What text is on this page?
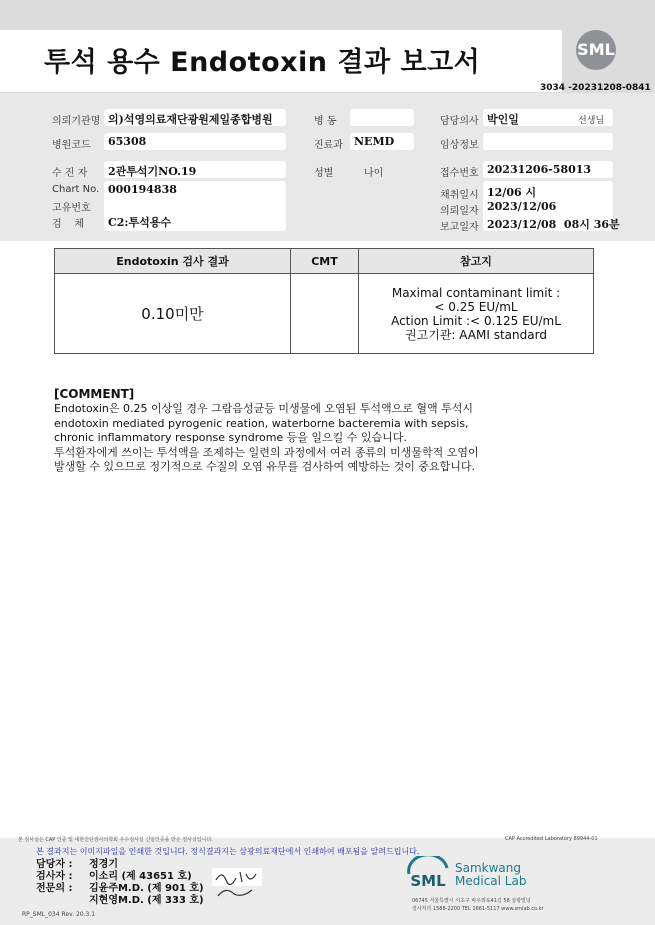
투석 용수 Endotoxin 결과 보고서	SML
3034 -20231208-0841
의뢰기관명 의)석영의료재단광원제일종합병원	병 동	담당의사 박인일	선생님
병원코드 65308	진료과 NEMD	임상정보
수 진 자 2관투석기NO.19	성별	나이	접수번호 20231206-58013
Chart No. 000194838
고유번호
검    체 C2:투석용수
채취일시 12/06 시
의뢰일자 2023/12/06
보고일자 2023/12/08  08시 36분
Endotoxin 검사 결과	CMT	참고지
0.10미만		Maximal contaminant limit :
< 0.25 EU/mL
Action Limit :< 0.125 EU/mL
권고기관: AAMI standard
[COMMENT]
Endotoxin은 0.25 이상일 경우 그람음성균등 미생물에 오염된 투석액으로 혈액 투석시
endotoxin mediated pyrogenic reation, waterborne bacteremia with sepsis,
chronic inflammatory response syndrome 등을 일으킬 수 있습니다.
투석환자에게 쓰이는 투석액을 조제하는 일련의 과정에서 여러 종류의 미생물학적 오염이
발생할 수 있으므로 정기적으로 수질의 오염 유무를 검사하여 예방하는 것이 중요합니다.
본 검사실은 CAP 인증 및 대한진단검사의학회 우수검사실 신임인증을 받은 검사실입니다.	CAP Accredited Laboratory 89944-01
본 결과지는 이미지파일을 인쇄한 것입니다. 정식결과지는 삼광의료재단에서 인쇄하여 배포됨을 알려드립니다.
담당자 : 정경기
검사자 : 이소리 (제 43651 호)
전문의 : 김윤주M.D. (제 901 호)
지현영M.D. (제 333 호)
RP_SML_034 Rev. 20.3.1
SML
Samkwang
Medical Lab
06745 서울특별시 서초구 바우뫼로41길 58 삼광빌딩
검사처리 1588-2200 TEL 1661-5117 www.smlab.co.kr
